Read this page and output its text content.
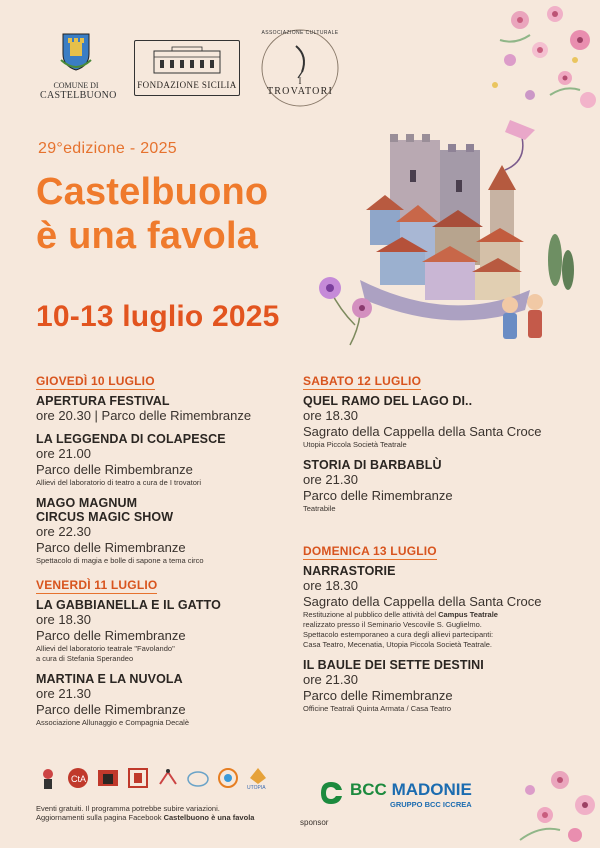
COMUNE DI
CASTELBUONO
FONDAZIONE SICILIA
ASSOCIAZIONE CULTURALE
I
TROVATORI
29°edizione - 2025
Castelbuono
è una favola
10-13 luglio 2025
GIOVEDÌ 10 LUGLIO
APERTURA FESTIVAL
ore 20.30 | Parco delle Rimembranze
LA LEGGENDA DI COLAPESCE
ore 21.00
Parco delle Rimbembranze
Allievi del laboratorio di teatro a cura de I trovatori
MAGO MAGNUM
CIRCUS MAGIC SHOW
ore 22.30
Parco delle Rimembranze
Spettacolo di magia e bolle di sapone a tema circo
VENERDÌ 11 LUGLIO
LA GABBIANELLA E IL GATTO
ore 18.30
Parco delle Rimembranze
Allievi del laboratorio teatrale "Favolando"
a cura di Stefania Sperandeo
MARTINA E LA NUVOLA
ore 21.30
Parco delle Rimembranze
Associazione Allunaggio e Compagnia Decalè
SABATO 12 LUGLIO
QUEL RAMO DEL LAGO DI..
ore 18.30
Sagrato della Cappella della Santa Croce
Utopia Piccola Società Teatrale
STORIA DI BARBABLÙ
ore 21.30
Parco delle Rimembranze
Teatrabile
DOMENICA 13 LUGLIO
NARRASTORIE
ore 18.30
Sagrato della Cappella della Santa Croce
Restituzione al pubblico delle attività del Campus Teatrale
realizzato presso il Seminario Vescovile S. Guglielmo.
Spettacolo estemporaneo a cura degli allievi partecipanti:
Casa Teatro, Mecenatia, Utopia Piccola Società Teatrale.
IL BAULE DEI SETTE DESTINI
ore 21.30
Parco delle Rimembranze
Officine Teatrali Quinta Armata / Casa Teatro
CtA
UTOPIA
Eventi gratuiti. Il programma potrebbe subire variazioni.
Aggiornamenti sulla pagina Facebook Castelbuono è una favola
BCC MADONIE
GRUPPO BCC ICCREA
sponsor
